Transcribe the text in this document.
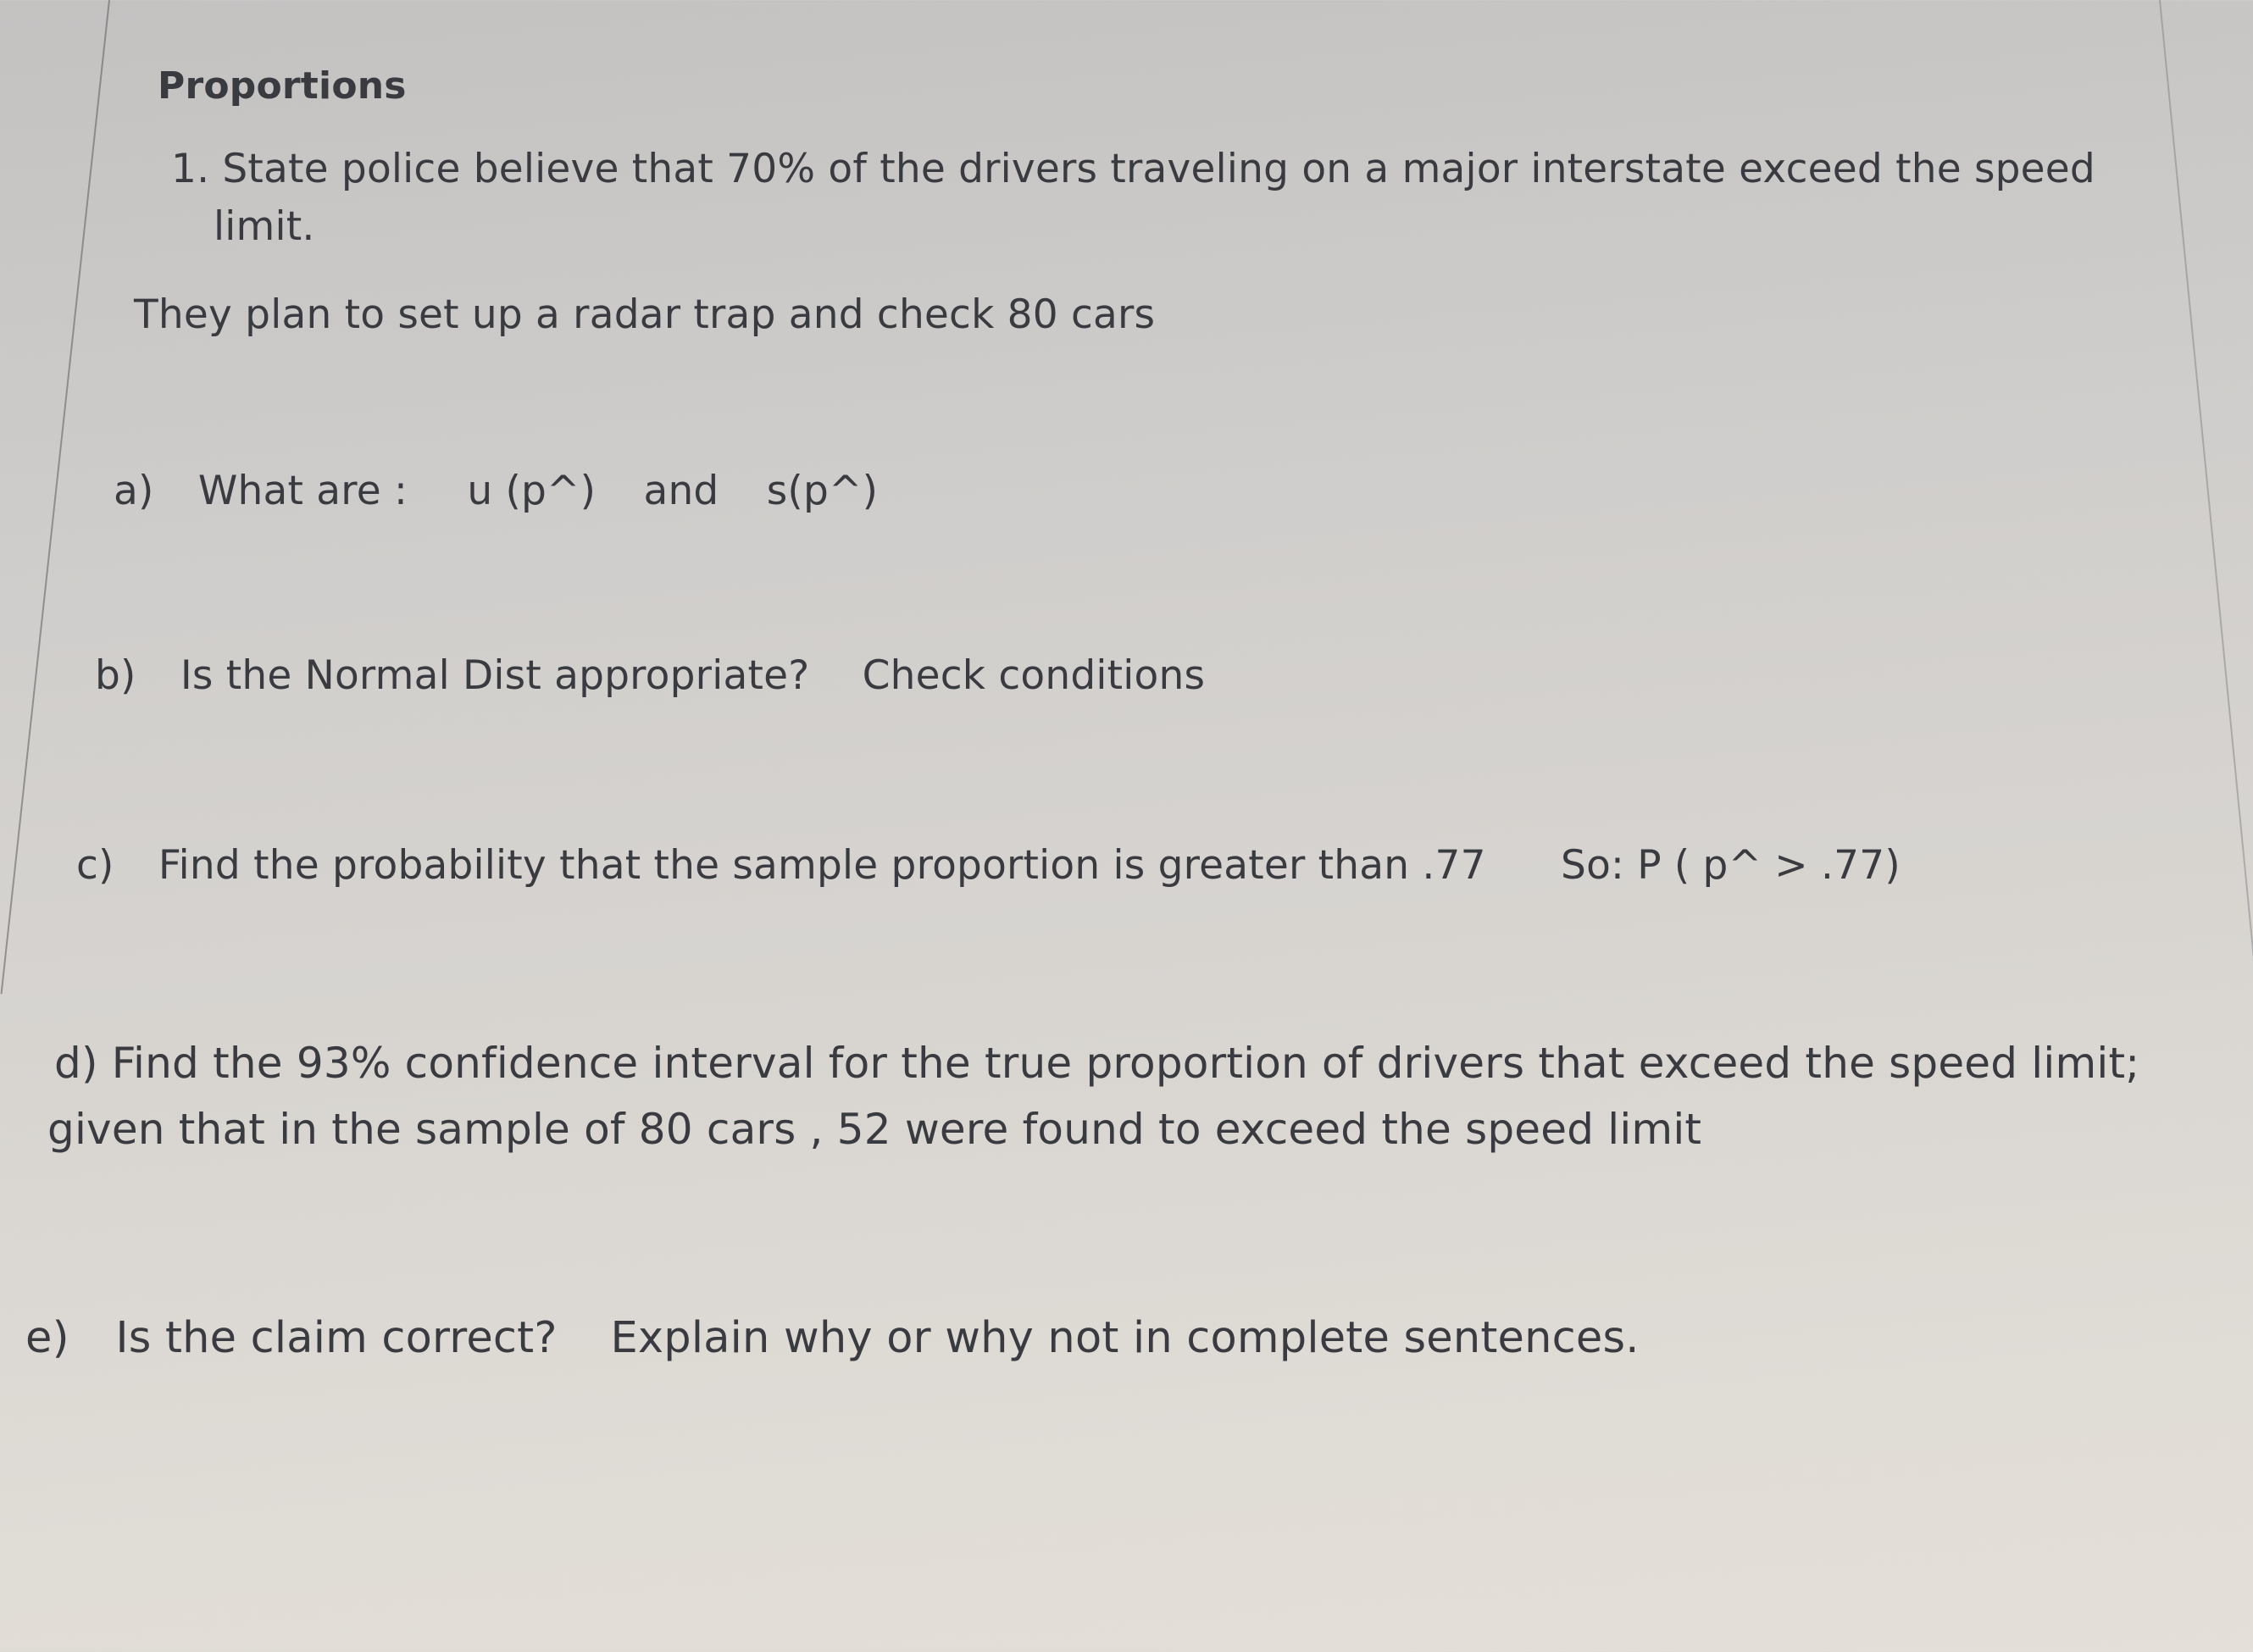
Proportions
1. State police believe that 70% of the drivers traveling on a major interstate exceed the speed
limit.
They plan to set up a radar trap and check 80 cars
a) What are : u (p^) and s(p^)
b) Is the Normal Dist appropriate? Check conditions
c) Find the probability that the sample proportion is greater than .77 So: P ( p^ > .77)
d) Find the 93% confidence interval for the true proportion of drivers that exceed the speed limit;
given that in the sample of 80 cars , 52 were found to exceed the speed limit
e) Is the claim correct? Explain why or why not in complete sentences.
